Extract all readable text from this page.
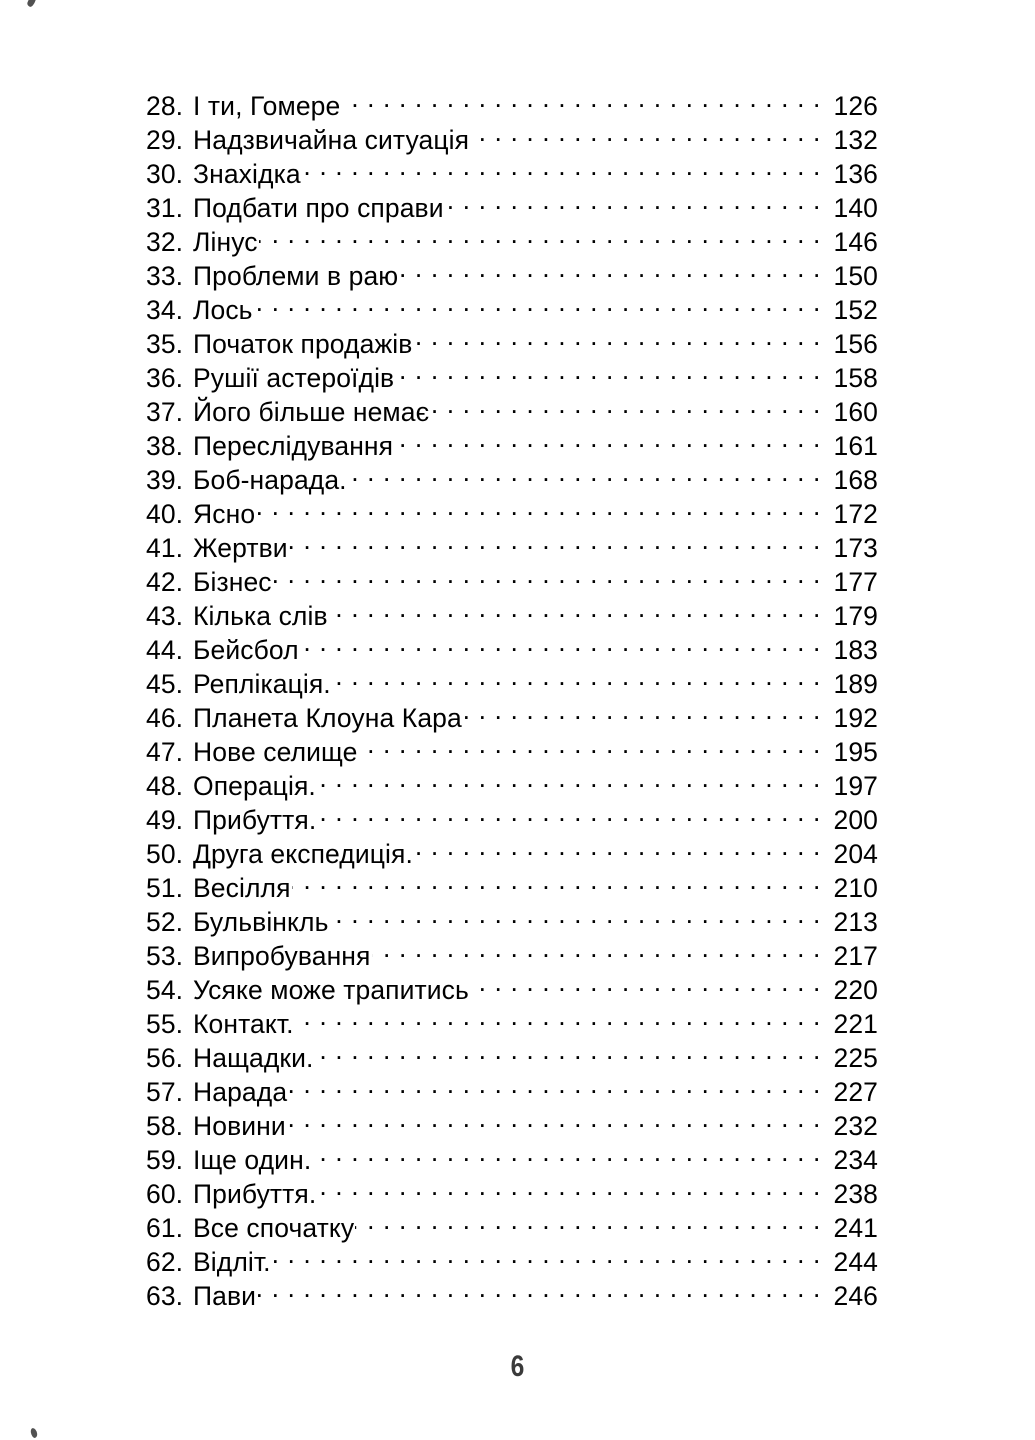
28. І ти, Гомере . . .	126
29. Надзвичайна ситуація . . .	132
30. Знахідка . . .	136
31. Подбати про справи . . .	140
32. Лінус . . .	146
33. Проблеми в раю . . .	150
34. Лось . . .	152
35. Початок продажів . . .	156
36. Рушії астероїдів . . .	158
37. Його більше немає . . .	160
38. Переслідування . . .	161
39. Боб-нарада. . . .	168
40. Ясно . . .	172
41. Жертви . . .	173
42. Бізнес . . .	177
43. Кілька слів . . .	179
44. Бейсбол . . .	183
45. Реплікація. . . .	189
46. Планета Клоуна Кара . . .	192
47. Нове селище . . .	195
48. Операція. . . .	197
49. Прибуття. . . .	200
50. Друга експедиція. . . .	204
51. Весілля . . .	210
52. Бульвінкль . . .	213
53. Випробування . . .	217
54. Усяке може трапитись . . .	220
55. Контакт. . . .	221
56. Нащадки. . . .	225
57. Нарада . . .	227
58. Новини . . .	232
59. Іще один. . . .	234
60. Прибуття. . . .	238
61. Все спочатку . . .	241
62. Відліт. . . .	244
63. Пави . . .	246
6
